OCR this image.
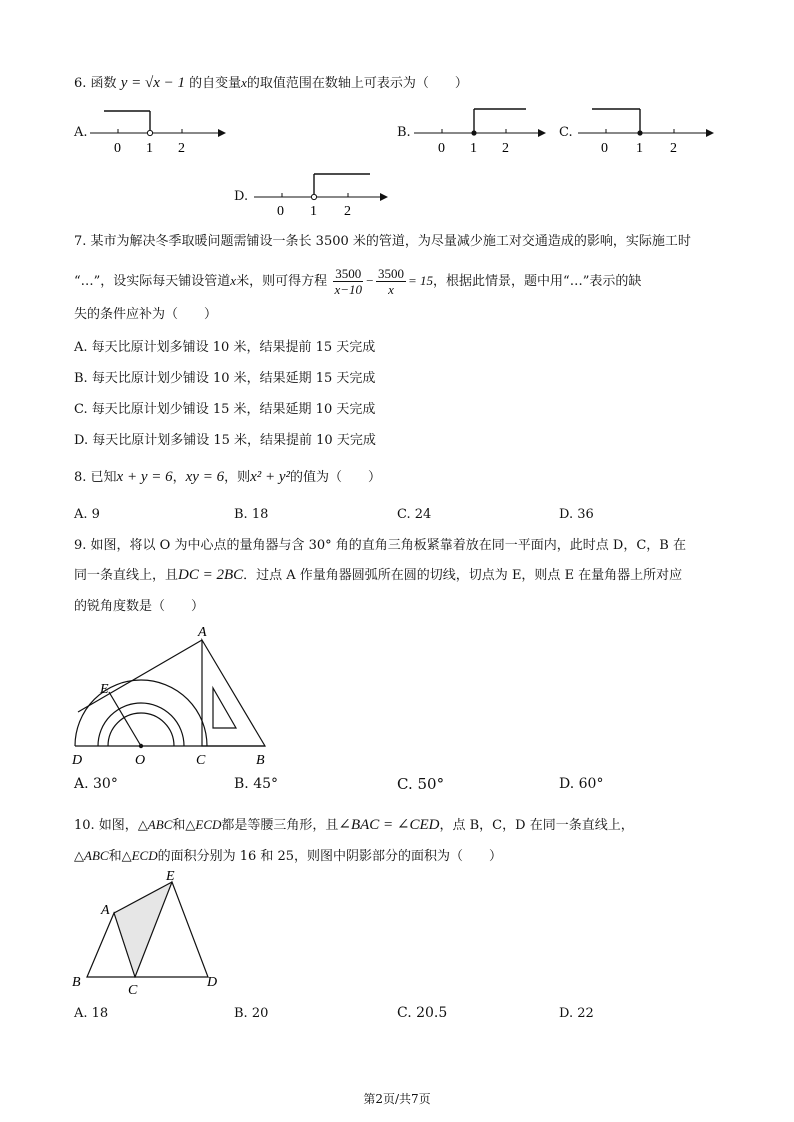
6. 函数 y = √x − 1 的自变量x的取值范围在数轴上可表示为（　　）
A.
0 1 2
B.
0 1 2
C.
0 1 2
D.
0 1 2
7. 某市为解决冬季取暖问题需铺设一条长 3500 米的管道，为尽量减少施工对交通造成的影响，实际施工时
“…”，设实际每天铺设管道x米，则可得方程 $\frac{3500}{x-10} - \frac{3500}{x} = 15$，根据此情景，题中用“…”表示的缺
失的条件应补为（　　）
A. 每天比原计划多铺设 10 米，结果提前 15 天完成
B. 每天比原计划少铺设 10 米，结果延期 15 天完成
C. 每天比原计划少铺设 15 米，结果延期 10 天完成
D. 每天比原计划多铺设 15 米，结果提前 10 天完成
8. 已知x + y = 6，xy = 6，则x² + y²的值为（　　）
A. 9	B. 18	C. 24	D. 36
9. 如图，将以 O 为中心点的量角器与含 30° 角的直角三角板紧靠着放在同一平面内，此时点 D，C，B 在
同一条直线上，且DC = 2BC．过点 A 作量角器圆弧所在圆的切线，切点为 E，则点 E 在量角器上所对应
的锐角度数是（　　）
A
E
D	O	C	B
A. 30°	B. 45°	C. 50°	D. 60°
10. 如图，△ABC和△ECD都是等腰三角形，且∠BAC = ∠CED，点 B，C，D 在同一条直线上，
△ABC和△ECD的面积分别为 16 和 25，则图中阴影部分的面积为（　　）
A
E
B
C
D
A. 18	B. 20	C. 20.5	D. 22
第2页/共7页
